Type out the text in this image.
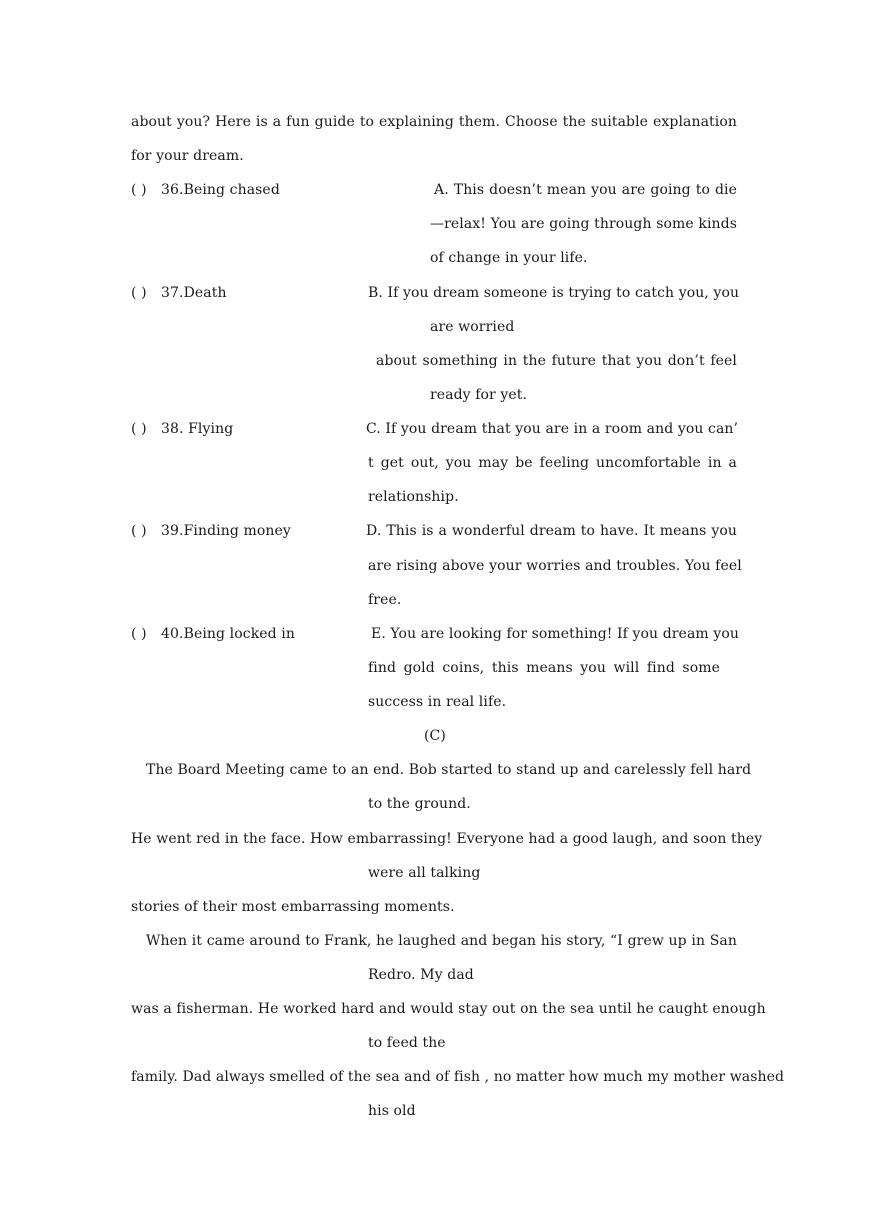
about you? Here is a fun guide to explaining them. Choose the suitable explanation
for your dream.
( ) 36.Being chased	A. This doesn’t mean you are going to die
—relax! You are going through some kinds
of change in your life.
( ) 37.Death	B. If you dream someone is trying to catch you, you
are worried
about something in the future that you don’t feel
ready for yet.
( ) 38. Flying	C. If you dream that you are in a room and you can’
t get out, you may be feeling uncomfortable in a
relationship.
( ) 39.Finding money	D. This is a wonderful dream to have. It means you
are rising above your worries and troubles. You feel
free.
( ) 40.Being locked in	E. You are looking for something! If you dream you
find gold coins, this means you will find some
success in real life.
(C)
The Board Meeting came to an end. Bob started to stand up and carelessly fell hard
to the ground.
He went red in the face. How embarrassing! Everyone had a good laugh, and soon they
were all talking
stories of their most embarrassing moments.
When it came around to Frank, he laughed and began his story, “I grew up in San
Redro. My dad
was a fisherman. He worked hard and would stay out on the sea until he caught enough
to feed the
family. Dad always smelled of the sea and of fish , no matter how much my mother washed
his old
